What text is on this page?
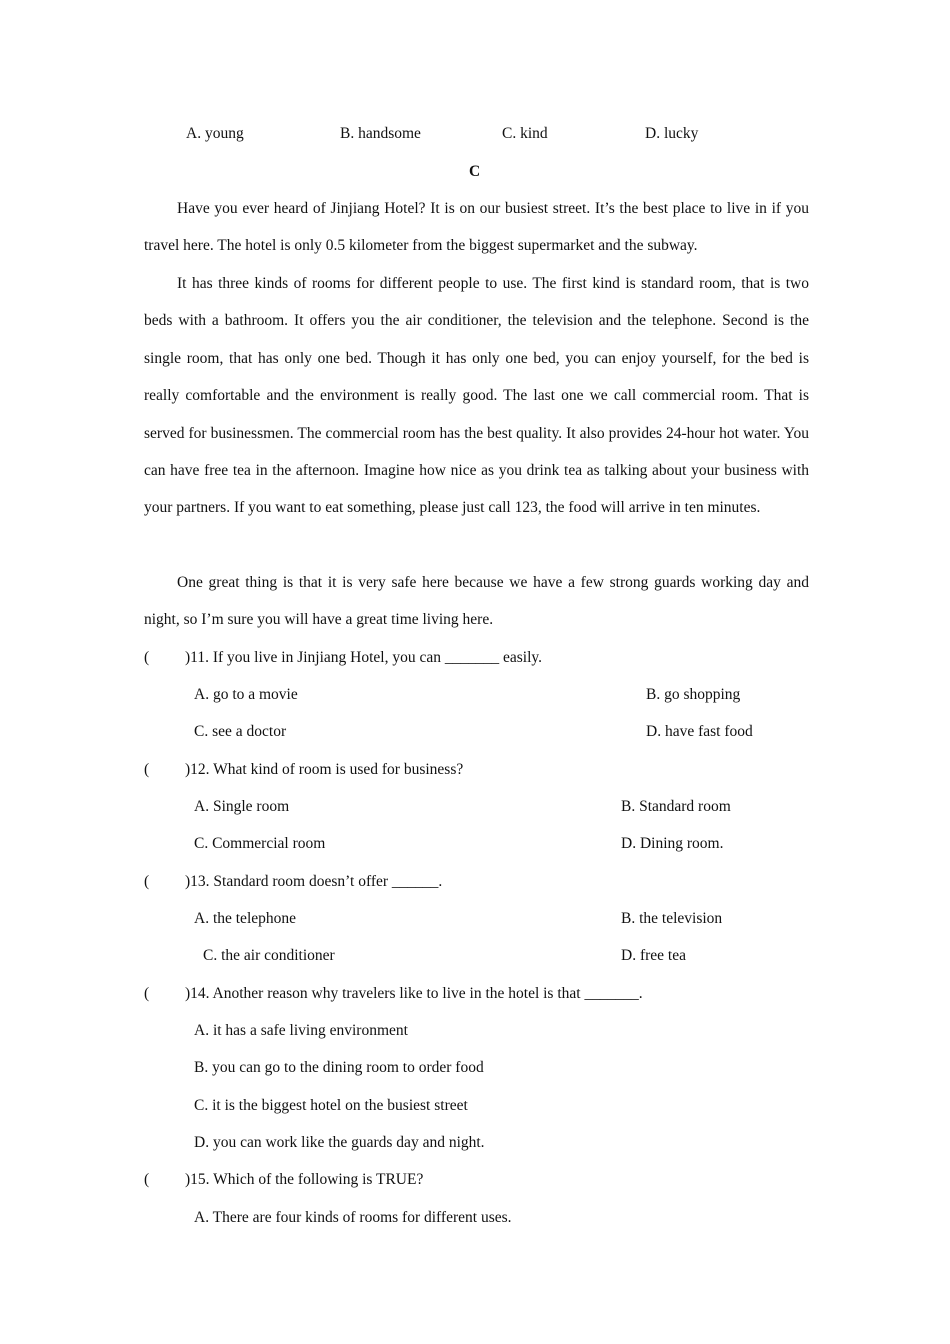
A. young	B. handsome	C. kind	D. lucky
C

Have you ever heard of Jinjiang Hotel? It is on our busiest street. It’s the best place to live in if you travel here. The hotel is only 0.5 kilometer from the biggest supermarket and the subway.

It has three kinds of rooms for different people to use. The first kind is standard room, that is two beds with a bathroom. It offers you the air conditioner, the television and the telephone. Second is the single room, that has only one bed. Though it has only one bed, you can enjoy yourself, for the bed is really comfortable and the environment is really good. The last one we call commercial room. That is served for businessmen. The commercial room has the best quality. It also provides 24-hour hot water. You can have free tea in the afternoon. Imagine how nice as you drink tea as talking about your business with your partners. If you want to eat something, please just call 123, the food will arrive in ten minutes.

One great thing is that it is very safe here because we have a few strong guards working day and night, so I’m sure you will have a great time living here.

( )11. If you live in Jinjiang Hotel, you can _______ easily.
A. go to a movie	B. go shopping
C. see a doctor	D. have fast food
( )12. What kind of room is used for business?
A. Single room	B. Standard room
C. Commercial room	D. Dining room.
( )13. Standard room doesn’t offer ______.
A. the telephone	B. the television
C. the air conditioner	D. free tea
( )14. Another reason why travelers like to live in the hotel is that _______.
A. it has a safe living environment
B. you can go to the dining room to order food
C. it is the biggest hotel on the busiest street
D. you can work like the guards day and night.
( )15. Which of the following is TRUE?
A. There are four kinds of rooms for different uses.
